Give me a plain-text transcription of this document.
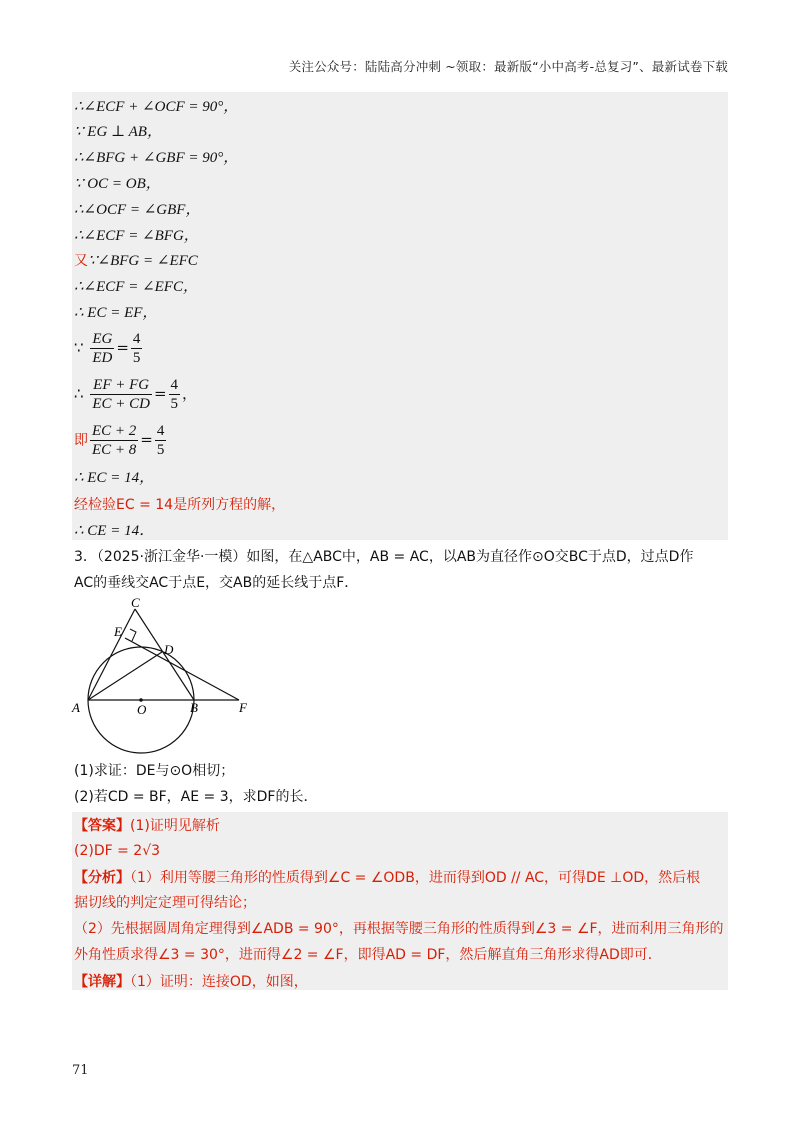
关注公众号：陆陆高分冲刺 ~领取：最新版“小中高考-总复习”、最新试卷下载
∴∠ECF + ∠OCF = 90°，
∵ EG ⊥ AB，
∴∠BFG + ∠GBF = 90°，
∵ OC = OB，
∴∠OCF = ∠GBF，
∴∠ECF = ∠BFG，
又∵∠BFG = ∠EFC
∴∠ECF = ∠EFC，
∴ EC = EF，
∵ $\frac{EG}{ED} = \frac{4}{5}$
∴ $\frac{EF + FG}{EC + CD} = \frac{4}{5}$ ，
即 $\frac{EC + 2}{EC + 8} = \frac{4}{5}$
∴ EC = 14，
经检验EC = 14是所列方程的解，
∴ CE = 14．
3．（2025·浙江金华·一模）如图，在△ABC中，AB = AC，以AB为直径作⊙O交BC于点D，过点D作
AC的垂线交AC于点E，交AB的延长线于点F．
C
E
D
A	O	B	F
(1)求证：DE与⊙O相切；
(2)若CD = BF，AE = 3，求DF的长．
【答案】(1)证明见解析
(2)DF = 2√3
【分析】（1）利用等腰三角形的性质得到∠C = ∠ODB，进而得到OD // AC，可得DE ⊥OD，然后根
据切线的判定定理可得结论；
（2）先根据圆周角定理得到∠ADB = 90°，再根据等腰三角形的性质得到∠3 = ∠F，进而利用三角形的
外角性质求得∠3 = 30°，进而得∠2 = ∠F，即得AD = DF，然后解直角三角形求得AD即可．
【详解】（1）证明：连接OD，如图，
71
